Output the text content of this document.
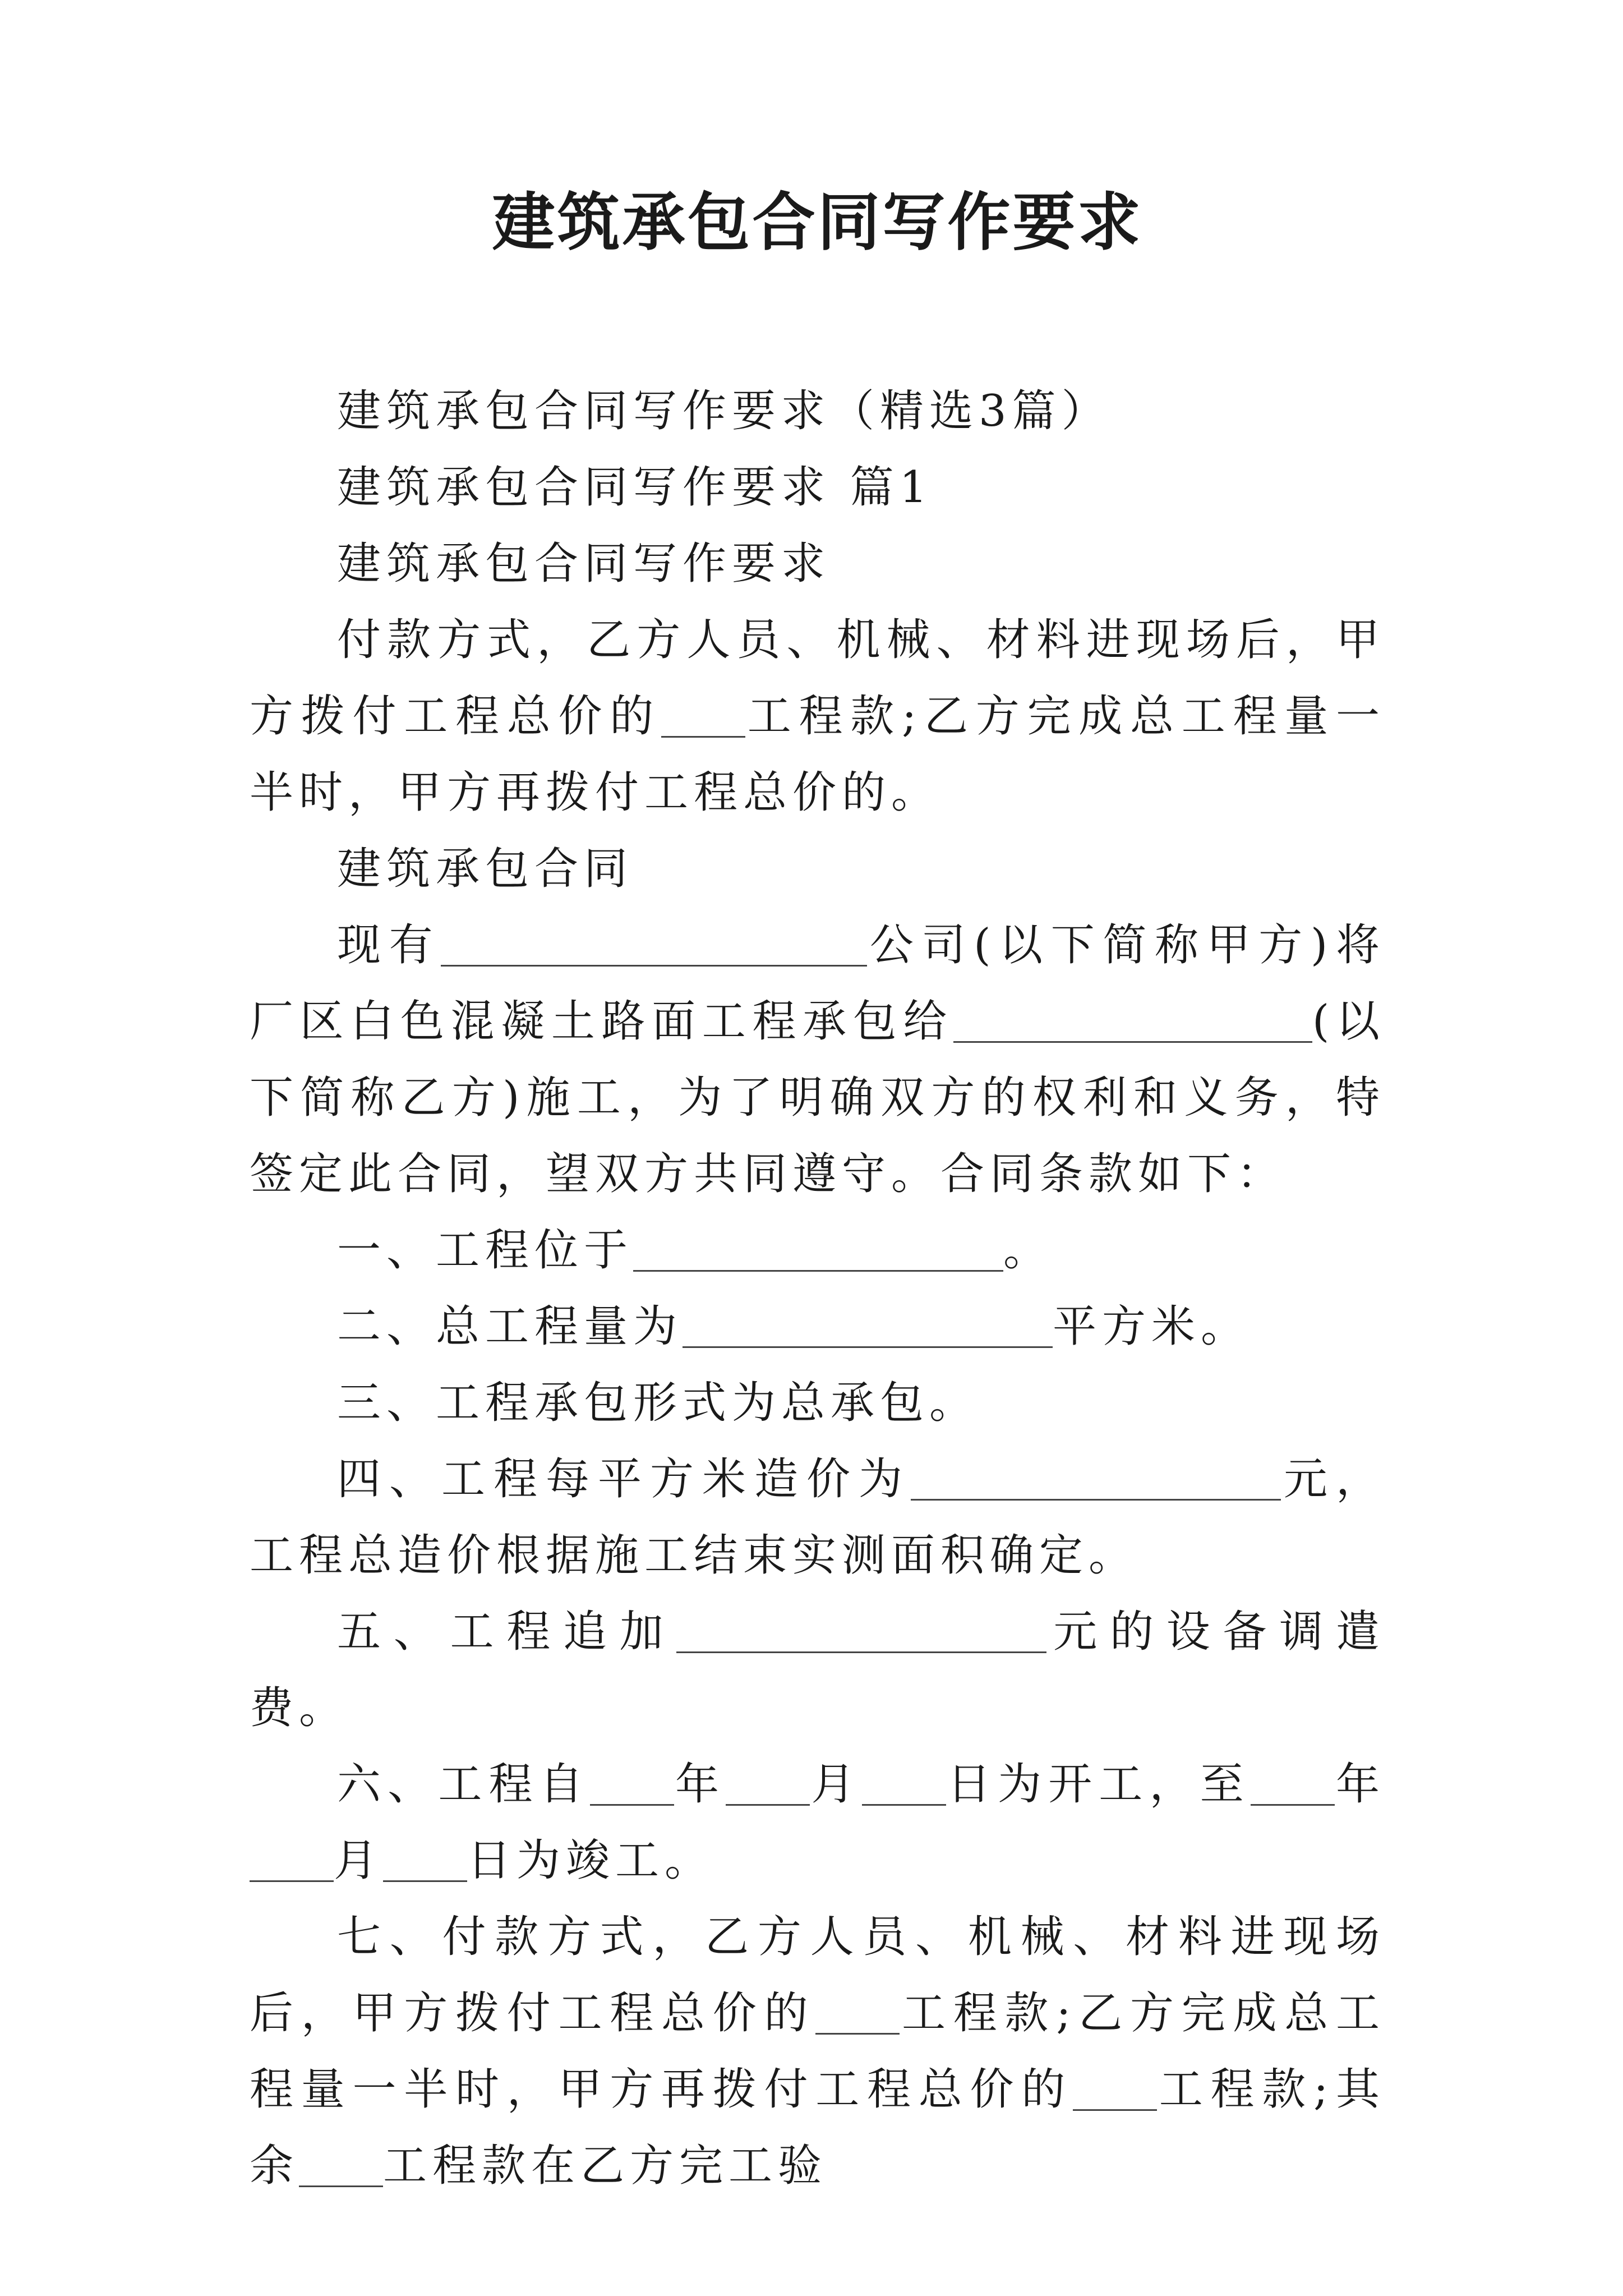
建筑承包合同写作要求

建筑承包合同写作要求（精选3篇）

建筑承包合同写作要求 篇1

建筑承包合同写作要求

付款方式，乙方人员、机械、材料进现场后，甲方拨付工程总价的 工程款;乙方完成总工程量一半时，甲方再拨付工程总价的。

建筑承包合同

现有	公司(以下简称甲方)将厂区白色混凝土路面工程承包给	(以下简称乙方)施工，为了明确双方的权利和义务，特签定此合同，望双方共同遵守。合同条款如下：

一、工程位于	。

二、总工程量为	平方米。

三、工程承包形式为总承包。

四、工程每平方米造价为	元，工程总造价根据施工结束实测面积确定。

五、工程追加	元的设备调遣费。

六、工程自 年 月 日为开工，至 年月 日为竣工。

七、付款方式，乙方人员、机械、材料进现场后，甲方拨付工程总价的 工程款;乙方完成总工程量一半时，甲方再拨付工程总价的 工程款;其余 工程款在乙方完工验
